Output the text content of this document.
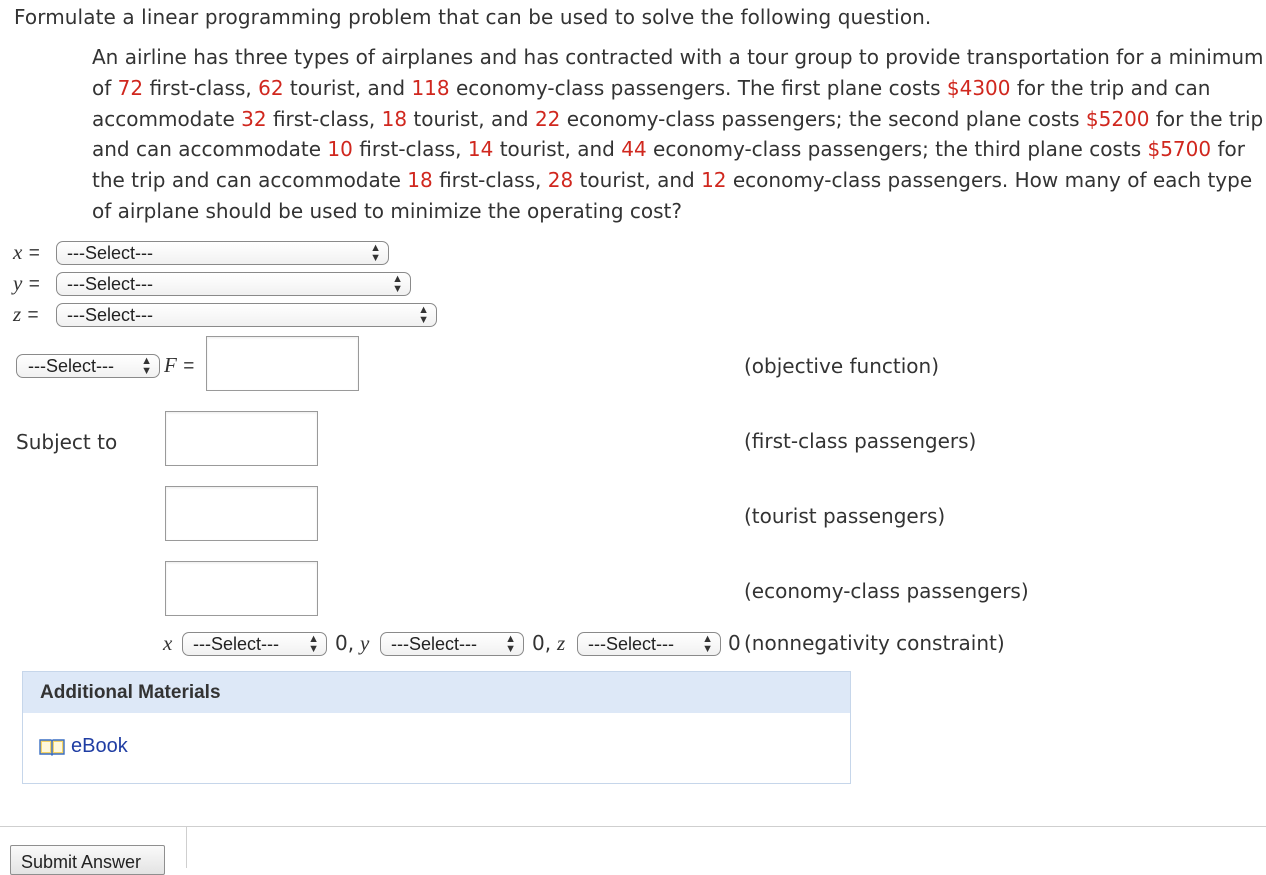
Formulate a linear programming problem that can be used to solve the following question.
An airline has three types of airplanes and has contracted with a tour group to provide transportation for a minimum of 72 first-class, 62 tourist, and 118 economy-class passengers. The first plane costs $4300 for the trip and can accommodate 32 first-class, 18 tourist, and 22 economy-class passengers; the second plane costs $5200 for the trip and can accommodate 10 first-class, 14 tourist, and 44 economy-class passengers; the third plane costs $5700 for the trip and can accommodate 18 first-class, 28 tourist, and 12 economy-class passengers. How many of each type of airplane should be used to minimize the operating cost?
x =	---Select---	▲
▼
y =	---Select---	▲
▼
z =	---Select---	▲
▼
---Select--- ▲
▼ F =	(objective function)
Subject to	(first-class passengers)
(tourist passengers)
(economy-class passengers)
x	---Select---	▲
▼ 0, y	---Select---	▲
▼ 0, z	---Select---	▲
▼ 0 (nonnegativity constraint)
Additional Materials
eBook
Submit Answer
